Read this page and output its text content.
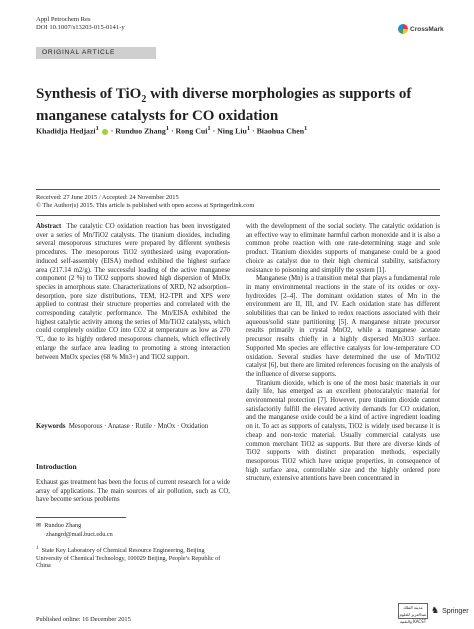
Appl Petrochem Res
DOI 10.1007/s13203-015-0141-y	CrossMark
ORIGINAL ARTICLE
Synthesis of TiO$_2$ with diverse morphologies as supports of manganese catalysts for CO oxidation
Khadidja Hedjazi$^1$  · Runduo Zhang$^1$ · Rong Cui$^1$ · Ning Liu$^1$ · Biaohua Chen$^1$
Received: 27 June 2015 / Accepted: 24 November 2015
© The Author(s) 2015. This article is published with open access at Springerlink.com
Abstract The catalytic CO oxidation reaction has been investigated over a series of Mn/TiO2 catalysts. The titanium dioxides, including several mesoporous structures were prepared by different synthesis procedures. The mesoporous TiO2 synthesized using evaporation-induced self-assembly (EISA) method exhibited the highest surface area (217.14 m2/g). The successful loading of the active manganese component (2 %) to TiO2 supports showed high dispersion of MnOx species in amorphous state. Characterizations of XRD, N2 adsorption–desorption, pore size distributions, TEM, H2-TPR and XPS were applied to contrast their structure properties and correlated with the corresponding catalytic performance. The Mn/EISA exhibited the highest catalytic activity among the series of Mn/TiO2 catalysts, which could completely oxidize CO into CO2 at temperature as low as 270 °C, due to its highly ordered mesoporous channels, which effectively enlarge the surface area leading to promoting a strong interaction between MnOx species (68 % Mn3+) and TiO2 support.
Keywords Mesoporous · Anatase · Rutile · MnOx · Oxidation
Introduction
Exhaust gas treatment has been the focus of current research for a wide array of applications. The main sources of air pollution, such as CO, have become serious problems
✉ Runduo Zhang
zhangrd@mail.buct.edu.cn
$^1$ State Key Laboratory of Chemical Resource Engineering, Beijing University of Chemical Technology, 100029 Beijing, People’s Republic of China

with the development of the social society. The catalytic oxidation is an effective way to eliminate harmful carbon monoxide and it is also a common probe reaction with one rate-determining stage and sole product. Titanium dioxides supports of manganese could be a good choice as catalyst due to their high chemical stability, satisfactory resistance to poisoning and simplify the system [1].

Manganese (Mn) is a transition metal that plays a fundamental role in many environmental reactions in the state of its oxides or oxy-hydroxides [2–4]. The dominant oxidation states of Mn in the environment are II, III, and IV. Each oxidation state has different solubilities that can be linked to redox reactions associated with their aqueous/solid state partitioning [5]. A manganese nitrate precursor results primarily in crystal MnO2, while a manganese acetate precursor results chiefly in a highly dispersed Mn3O3 surface. Supported Mn species are effective catalysts for low-temperature CO oxidation. Several studies have determined the use of Mn/TiO2 catalyst [6], but there are limited references focusing on the analysis of the influence of diverse supports.

Titanium dioxide, which is one of the most basic materials in our daily life, has emerged as an excellent photocatalytic material for environmental protection [7]. However, pure titanium dioxide cannot satisfactorily fulfill the elevated activity demands for CO oxidation, and the manganese oxide could be a kind of active ingredient loading on it. To act as supports of catalysts, TiO2 is widely used because it is cheap and non-toxic material. Usually commercial catalysts use common merchant TiO2 as supports. But there are diverse kinds of TiO2 supports with distinct preparation methods, especially mesoporous TiO2 which have unique properties, in consequence of high surface area, controllable size and the highly ordered pore structure, extensive attentions have been concentrated in

Published online: 16 December 2015
مدينة الملك عبدالعزيز للعلوم والتقنية KACST
♞ Springer
